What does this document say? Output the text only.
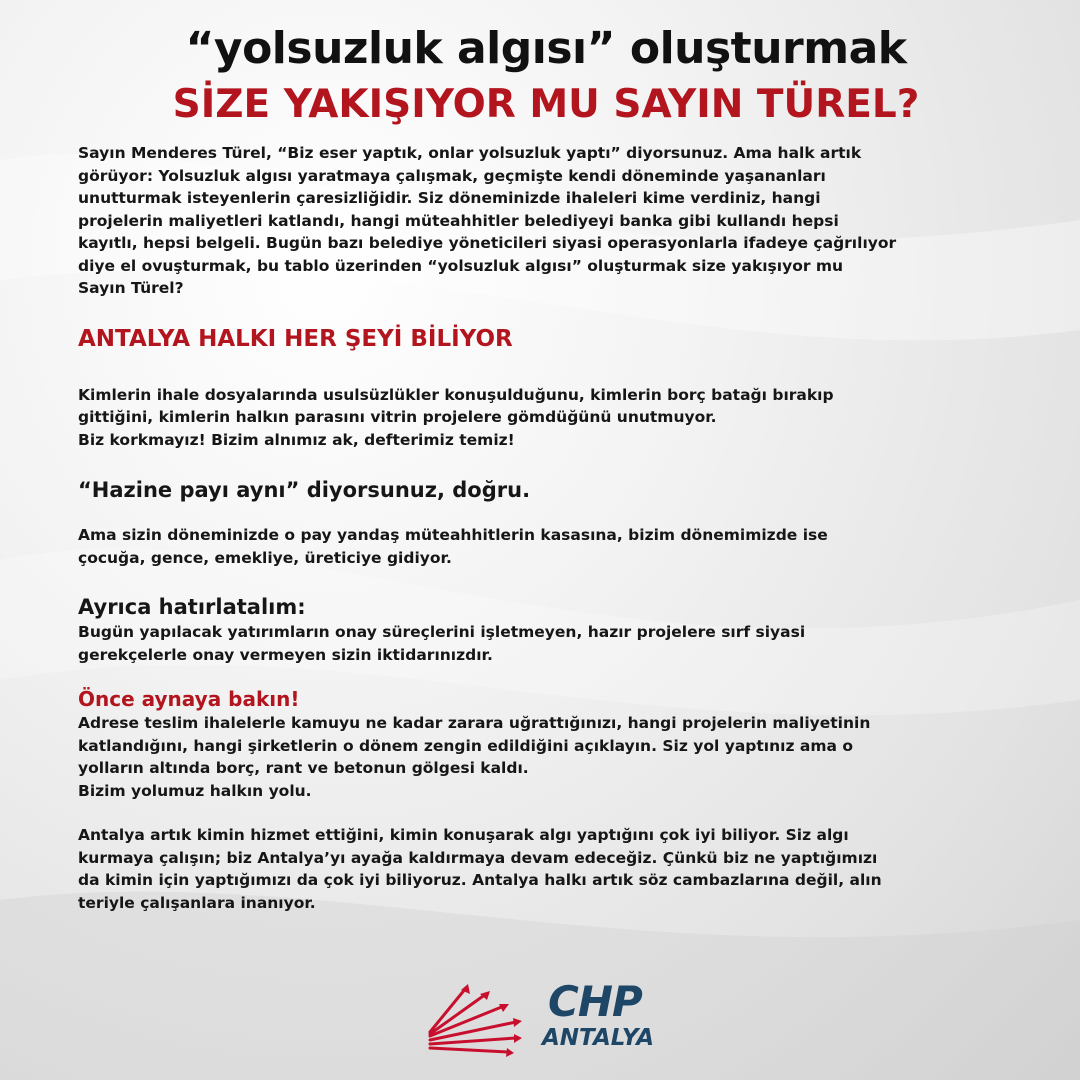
“yolsuzluk algısı” oluşturmak
SİZE YAKIŞIYOR MU SAYIN TÜREL?

Sayın Menderes Türel, “Biz eser yaptık, onlar yolsuzluk yaptı” diyorsunuz. Ama halk artık
görüyor: Yolsuzluk algısı yaratmaya çalışmak, geçmişte kendi döneminde yaşananları
unutturmak isteyenlerin çaresizliğidir. Siz döneminizde ihaleleri kime verdiniz, hangi
projelerin maliyetleri katlandı, hangi müteahhitler belediyeyi banka gibi kullandı hepsi
kayıtlı, hepsi belgeli. Bugün bazı belediye yöneticileri siyasi operasyonlarla ifadeye çağrılıyor
diye el ovuşturmak, bu tablo üzerinden “yolsuzluk algısı” oluşturmak size yakışıyor mu
Sayın Türel?

ANTALYA HALKI HER ŞEYİ BİLİYOR

Kimlerin ihale dosyalarında usulsüzlükler konuşulduğunu, kimlerin borç batağı bırakıp
gittiğini, kimlerin halkın parasını vitrin projelere gömdüğünü unutmuyor.
Biz korkmayız! Bizim alnımız ak, defterimiz temiz!

“Hazine payı aynı” diyorsunuz, doğru.

Ama sizin döneminizde o pay yandaş müteahhitlerin kasasına, bizim dönemimizde ise
çocuğa, gence, emekliye, üreticiye gidiyor.

Ayrıca hatırlatalım:

Bugün yapılacak yatırımların onay süreçlerini işletmeyen, hazır projelere sırf siyasi
gerekçelerle onay vermeyen sizin iktidarınızdır.

Önce aynaya bakın!

Adrese teslim ihalelerle kamuyu ne kadar zarara uğrattığınızı, hangi projelerin maliyetinin
katlandığını, hangi şirketlerin o dönem zengin edildiğini açıklayın. Siz yol yaptınız ama o
yolların altında borç, rant ve betonun gölgesi kaldı.
Bizim yolumuz halkın yolu.

Antalya artık kimin hizmet ettiğini, kimin konuşarak algı yaptığını çok iyi biliyor. Siz algı
kurmaya çalışın; biz Antalya’yı ayağa kaldırmaya devam edeceğiz. Çünkü biz ne yaptığımızı
da kimin için yaptığımızı da çok iyi biliyoruz. Antalya halkı artık söz cambazlarına değil, alın
teriyle çalışanlara inanıyor.

CHP
ANTALYA
